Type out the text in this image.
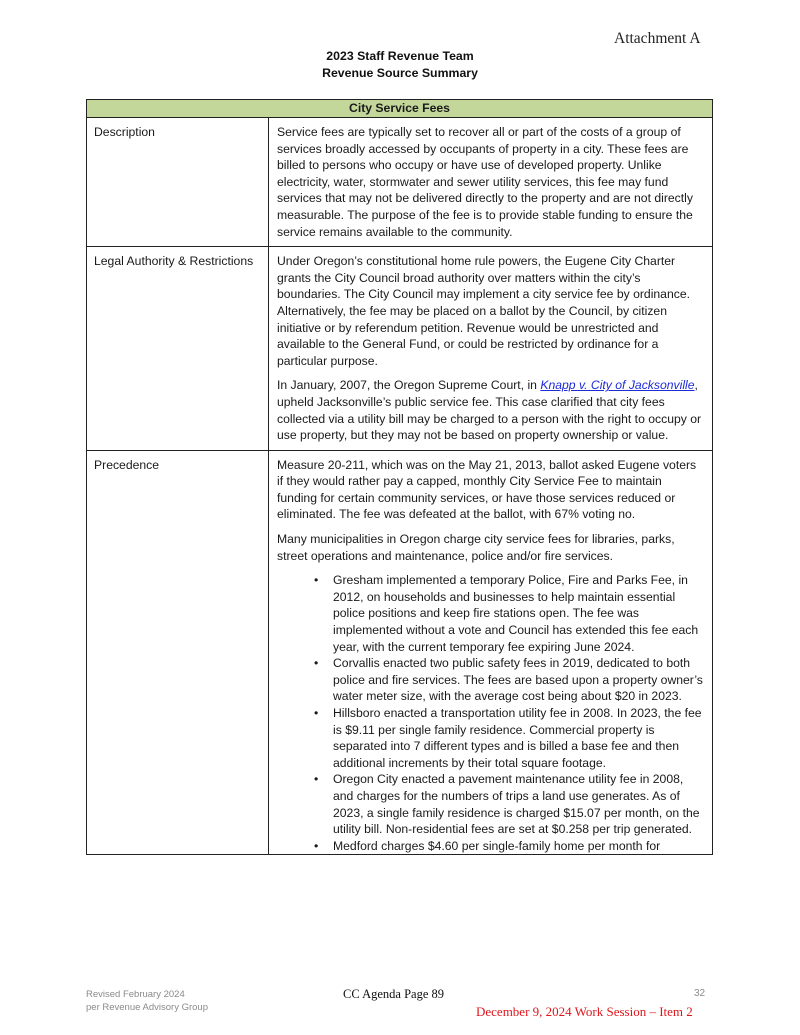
Attachment A
2023 Staff Revenue Team
Revenue Source Summary
City Service Fees	
Description	Service fees are typically set to recover all or part of the costs of a group of services broadly accessed by occupants of property in a city. These fees are billed to persons who occupy or have use of developed property. Unlike electricity, water, stormwater and sewer utility services, this fee may fund services that may not be delivered directly to the property and are not directly measurable. The purpose of the fee is to provide stable funding to ensure the service remains available to the community.

Legal Authority & Restrictions	Under Oregon’s constitutional home rule powers, the Eugene City Charter grants the City Council broad authority over matters within the city’s boundaries. The City Council may implement a city service fee by ordinance. Alternatively, the fee may be placed on a ballot by the Council, by citizen initiative or by referendum petition. Revenue would be unrestricted and available to the General Fund, or could be restricted by ordinance for a particular purpose.

In January, 2007, the Oregon Supreme Court, in Knapp v. City of Jacksonville, upheld Jacksonville’s public service fee. This case clarified that city fees collected via a utility bill may be charged to a person with the right to occupy or use property, but they may not be based on property ownership or value.

Precedence	Measure 20-211, which was on the May 21, 2013, ballot asked Eugene voters if they would rather pay a capped, monthly City Service Fee to maintain funding for certain community services, or have those services reduced or eliminated. The fee was defeated at the ballot, with 67% voting no.

Many municipalities in Oregon charge city service fees for libraries, parks, street operations and maintenance, police and/or fire services.

• Gresham implemented a temporary Police, Fire and Parks Fee, in 2012, on households and businesses to help maintain essential police positions and keep fire stations open. The fee was implemented without a vote and Council has extended this fee each year, with the current temporary fee expiring June 2024.
• Corvallis enacted two public safety fees in 2019, dedicated to both police and fire services. The fees are based upon a property owner’s water meter size, with the average cost being about $20 in 2023.
• Hillsboro enacted a transportation utility fee in 2008. In 2023, the fee is $9.11 per single family residence. Commercial property is separated into 7 different types and is billed a base fee and then additional increments by their total square footage.
• Oregon City enacted a pavement maintenance utility fee in 2008, and charges for the numbers of trips a land use generates. As of 2023, a single family residence is charged $15.07 per month, on the utility bill. Non-residential fees are set at $0.258 per trip generated.
• Medford charges $4.60 per single-family home per month for
Revised February 2024
per Revenue Advisory Group
CC Agenda Page 89	32
December 9, 2024 Work Session – Item 2
